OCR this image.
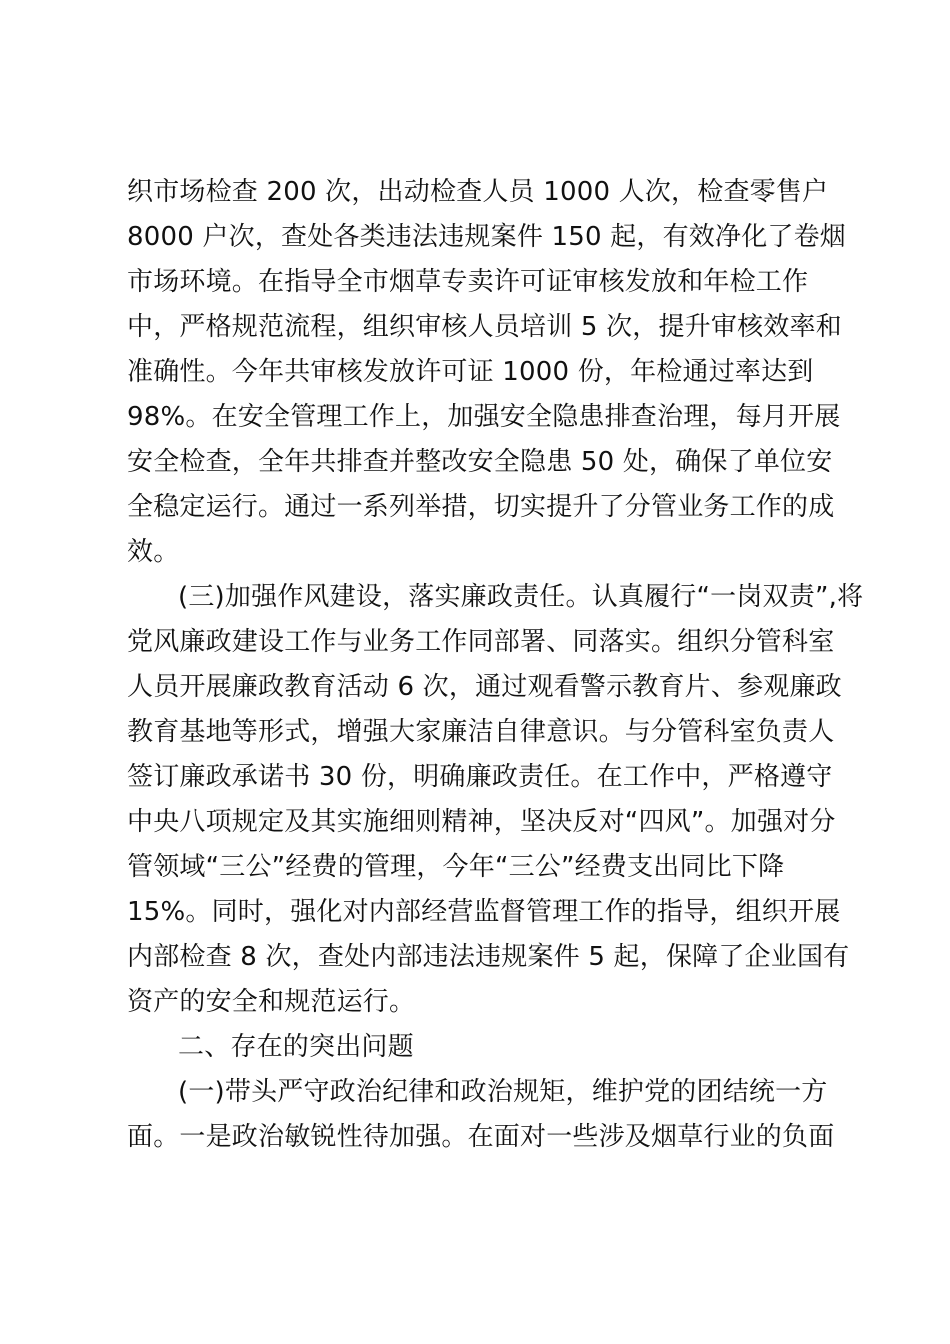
织市场检查 200 次，出动检查人员 1000 人次，检查零售户
8000 户次，查处各类违法违规案件 150 起，有效净化了卷烟
市场环境。在指导全市烟草专卖许可证审核发放和年检工作
中，严格规范流程，组织审核人员培训 5 次，提升审核效率和
准确性。今年共审核发放许可证 1000 份，年检通过率达到
98%。在安全管理工作上，加强安全隐患排查治理，每月开展
安全检查，全年共排查并整改安全隐患 50 处，确保了单位安
全稳定运行。通过一系列举措，切实提升了分管业务工作的成
效。
(三)加强作风建设，落实廉政责任。认真履行“一岗双责”,将
党风廉政建设工作与业务工作同部署、同落实。组织分管科室
人员开展廉政教育活动 6 次，通过观看警示教育片、参观廉政
教育基地等形式，增强大家廉洁自律意识。与分管科室负责人
签订廉政承诺书 30 份，明确廉政责任。在工作中，严格遵守
中央八项规定及其实施细则精神，坚决反对“四风”。加强对分
管领域“三公”经费的管理，今年“三公”经费支出同比下降
15%。同时，强化对内部经营监督管理工作的指导，组织开展
内部检查 8 次，查处内部违法违规案件 5 起，保障了企业国有
资产的安全和规范运行。
二、存在的突出问题
(一)带头严守政治纪律和政治规矩，维护党的团结统一方
面。一是政治敏锐性待加强。在面对一些涉及烟草行业的负面
